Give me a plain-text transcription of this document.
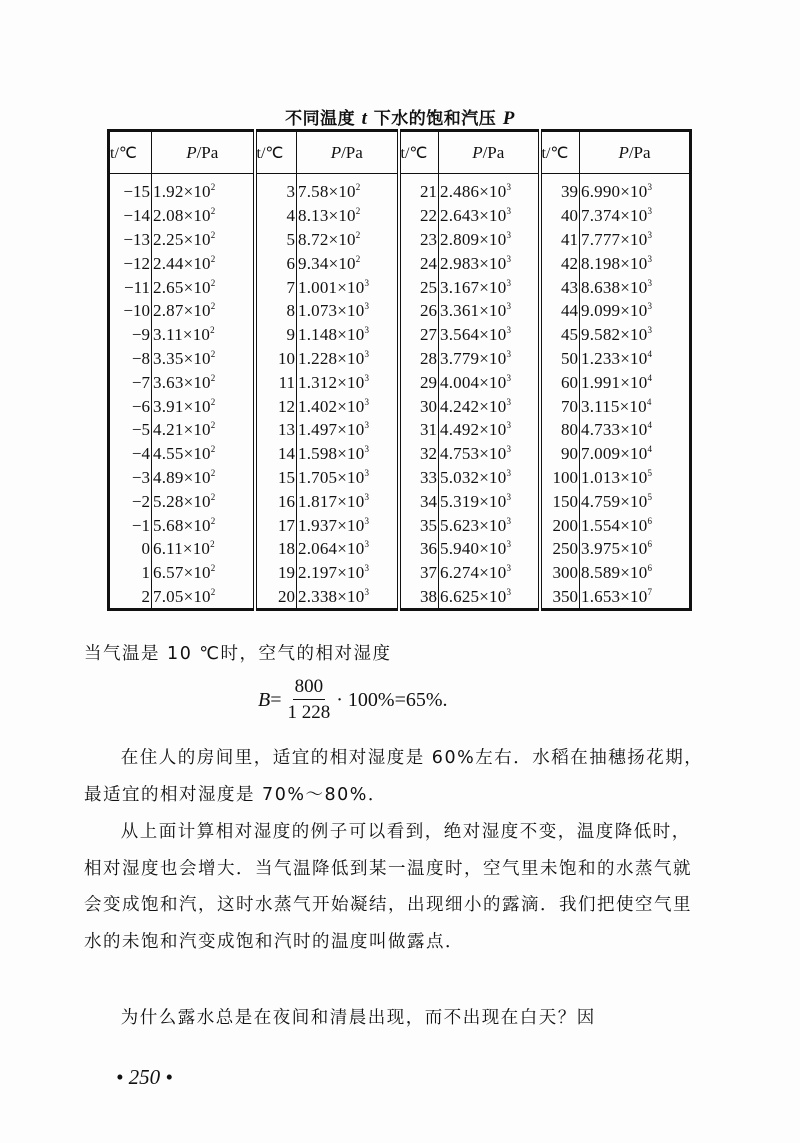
不同温度 t 下水的饱和汽压 P
t/℃	P/Pa	t/℃	P/Pa	t/℃	P/Pa	t/℃	P/Pa
−15	$1.92\times 10^2$	3	$7.58\times 10^2$	21	$2.486\times 10^3$	39	$6.990\times 10^3$
−14	$2.08\times 10^2$	4	$8.13\times 10^2$	22	$2.643\times 10^3$	40	$7.374\times 10^3$
−13	$2.25\times 10^2$	5	$8.72\times 10^2$	23	$2.809\times 10^3$	41	$7.777\times 10^3$
−12	$2.44\times 10^2$	6	$9.34\times 10^2$	24	$2.983\times 10^3$	42	$8.198\times 10^3$
−11	$2.65\times 10^2$	7	$1.001\times 10^3$	25	$3.167\times 10^3$	43	$8.638\times 10^3$
−10	$2.87\times 10^2$	8	$1.073\times 10^3$	26	$3.361\times 10^3$	44	$9.099\times 10^3$
−9	$3.11\times 10^2$	9	$1.148\times 10^3$	27	$3.564\times 10^3$	45	$9.582\times 10^3$
−8	$3.35\times 10^2$	10	$1.228\times 10^3$	28	$3.779\times 10^3$	50	$1.233\times 10^4$
−7	$3.63\times 10^2$	11	$1.312\times 10^3$	29	$4.004\times 10^3$	60	$1.991\times 10^4$
−6	$3.91\times 10^2$	12	$1.402\times 10^3$	30	$4.242\times 10^3$	70	$3.115\times 10^4$
−5	$4.21\times 10^2$	13	$1.497\times 10^3$	31	$4.492\times 10^3$	80	$4.733\times 10^4$
−4	$4.55\times 10^2$	14	$1.598\times 10^3$	32	$4.753\times 10^3$	90	$7.009\times 10^4$
−3	$4.89\times 10^2$	15	$1.705\times 10^3$	33	$5.032\times 10^3$	100	$1.013\times 10^5$
−2	$5.28\times 10^2$	16	$1.817\times 10^3$	34	$5.319\times 10^3$	150	$4.759\times 10^5$
−1	$5.68\times 10^2$	17	$1.937\times 10^3$	35	$5.623\times 10^3$	200	$1.554\times 10^6$
0	$6.11\times 10^2$	18	$2.064\times 10^3$	36	$5.940\times 10^3$	250	$3.975\times 10^6$
1	$6.57\times 10^2$	19	$2.197\times 10^3$	37	$6.274\times 10^3$	300	$8.589\times 10^6$
2	$7.05\times 10^2$	20	$2.338\times 10^3$	38	$6.625\times 10^3$	350	$1.653\times 10^7$
当气温是 10 ℃时，空气的相对湿度
$B = \frac{800}{1 228} \cdot 100\%=65\%$.
在住人的房间里，适宜的相对湿度是 60%左右．水稻在抽穗扬花期，最适宜的相对湿度是 70%～80%．
从上面计算相对湿度的例子可以看到，绝对湿度不变，温度降低时，相对湿度也会增大．当气温降低到某一温度时，空气里未饱和的水蒸气就会变成饱和汽，这时水蒸气开始凝结，出现细小的露滴．我们把使空气里水的未饱和汽变成饱和汽时的温度叫做露点．
为什么露水总是在夜间和清晨出现，而不出现在白天？因
• 250 •
